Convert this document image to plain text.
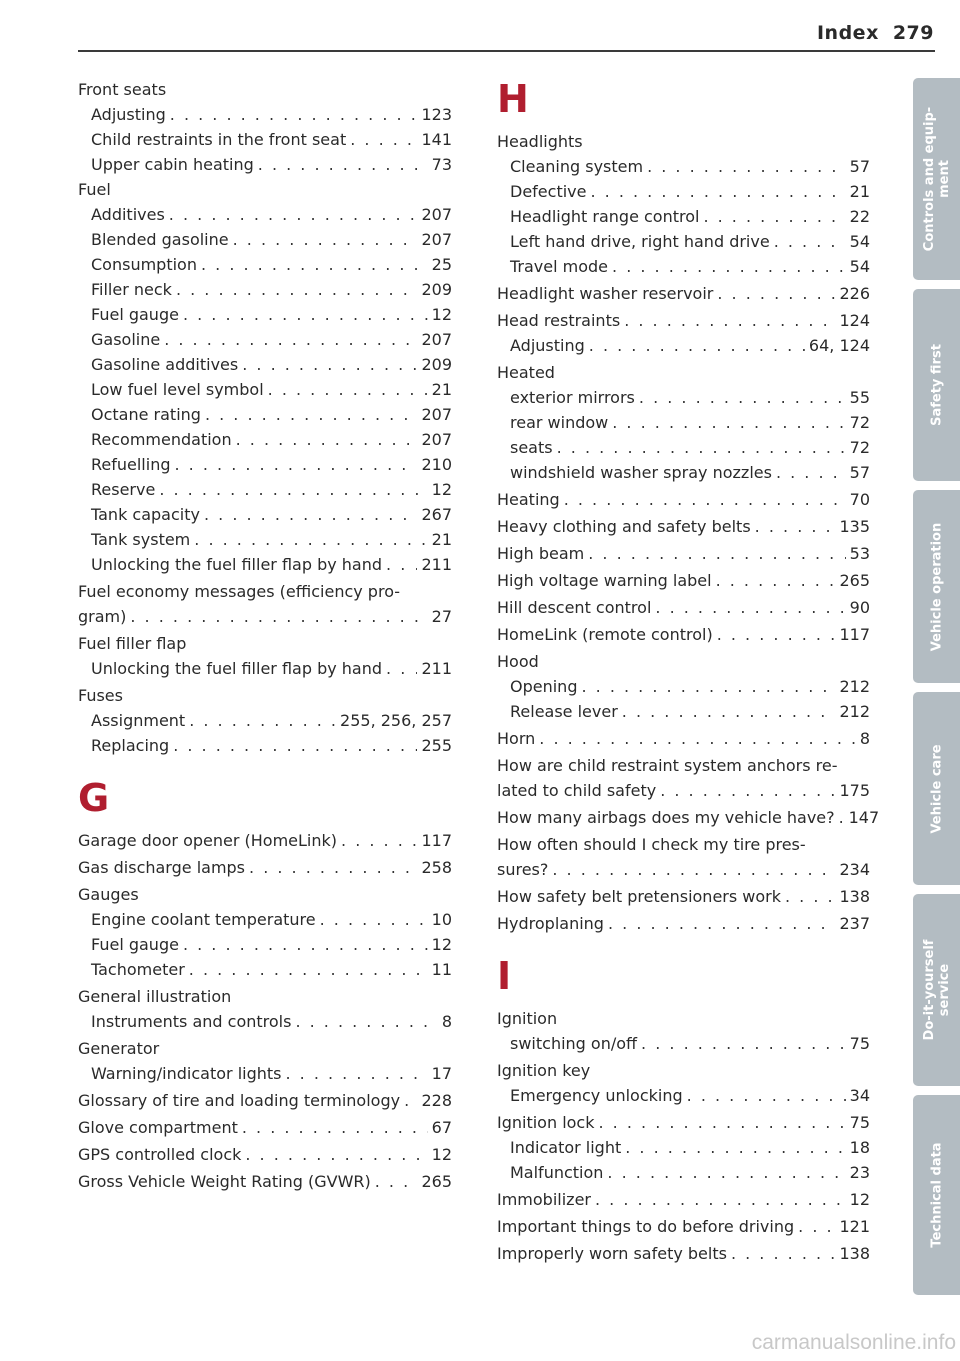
Index 279
Front seats
Adjusting . . .	123
Child restraints in the front seat . . .	141
Upper cabin heating . . .	73
Fuel
Additives . . .	207
Blended gasoline . . .	207
Consumption . . .	25
Filler neck . . .	209
Fuel gauge . . .	12
Gasoline . . .	207
Gasoline additives . . .	209
Low fuel level symbol . . .	21
Octane rating . . .	207
Recommendation . . .	207
Refuelling . . .	210
Reserve . . .	12
Tank capacity . . .	267
Tank system . . .	21
Unlocking the fuel filler flap by hand . . . 211
Fuel economy messages (efficiency pro-
gram) . . .	27
Fuel filler flap
Unlocking the fuel filler flap by hand . . . 211
Fuses
Assignment . . .	255, 256, 257
Replacing . . .	255
G
Garage door opener (HomeLink) . . .	117
Gas discharge lamps . . .	258
Gauges
Engine coolant temperature . . .	10
Fuel gauge . . .	12
Tachometer . . .	11
General illustration
Instruments and controls . . .	8
Generator
Warning/indicator lights . . .	17
Glossary of tire and loading terminology . . . 228
Glove compartment . . .	67
GPS controlled clock . . .	12
Gross Vehicle Weight Rating (GVWR) . . .	265
H
Headlights
Cleaning system . . .	57
Defective . . .	21
Headlight range control . . .	22
Left hand drive, right hand drive . . .	54
Travel mode . . .	54
Headlight washer reservoir . . .	226
Head restraints . . .	124
Adjusting . . .	64, 124
Heated
exterior mirrors . . .	55
rear window . . .	72
seats . . .	72
windshield washer spray nozzles . . .	57
Heating . . .	70
Heavy clothing and safety belts . . .	135
High beam . . .	53
High voltage warning label . . .	265
Hill descent control . . .	90
HomeLink (remote control) . . .	117
Hood
Opening . . .	212
Release lever . . .	212
Horn . . .	8
How are child restraint system anchors re-
lated to child safety . . .	175
How many airbags does my vehicle have? . . . 147
How often should I check my tire pres-
sures? . . .	234
How safety belt pretensioners work . . .	138
Hydroplaning . . .	237
I
Ignition
switching on/off . . .	75
Ignition key
Emergency unlocking . . .	34
Ignition lock . . .	75
Indicator light . . .	18
Malfunction . . .	23
Immobilizer . . .	12
Important things to do before driving . . .	121
Improperly worn safety belts . . .	138
Controls and equip-
ment
Safety first
Vehicle operation
Vehicle care
Do-it-yourself
service
Technical data
carmanualsonline.info
